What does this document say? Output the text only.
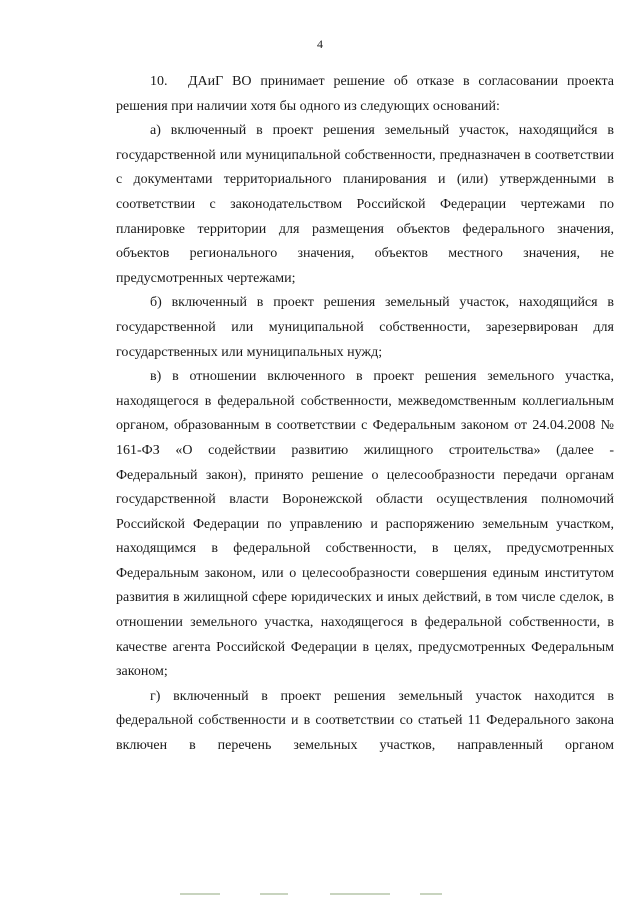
4

10. ДАиГ ВО принимает решение об отказе в согласовании проекта решения при наличии хотя бы одного из следующих оснований:

а) включенный в проект решения земельный участок, находящийся в государственной или муниципальной собственности, предназначен в соответствии с документами территориального планирования и (или) утвержденными в соответствии с законодательством Российской Федерации чертежами по планировке территории для размещения объектов федерального значения, объектов регионального значения, объектов местного значения, не предусмотренных чертежами;

б) включенный в проект решения земельный участок, находящийся в государственной или муниципальной собственности, зарезервирован для государственных или муниципальных нужд;

в) в отношении включенного в проект решения земельного участка, находящегося в федеральной собственности, межведомственным коллегиальным органом, образованным в соответствии с Федеральным законом от 24.04.2008 № 161-ФЗ «О содействии развитию жилищного строительства» (далее - Федеральный закон), принято решение о целесообразности передачи органам государственной власти Воронежской области осуществления полномочий Российской Федерации по управлению и распоряжению земельным участком, находящимся в федеральной собственности, в целях, предусмотренных Федеральным законом, или о целесообразности совершения единым институтом развития в жилищной сфере юридических и иных действий, в том числе сделок, в отношении земельного участка, находящегося в федеральной собственности, в качестве агента Российской Федерации в целях, предусмотренных Федеральным законом;

г) включенный в проект решения земельный участок находится в федеральной собственности и в соответствии со статьей 11 Федерального закона включен в перечень земельных участков, направленный органом
